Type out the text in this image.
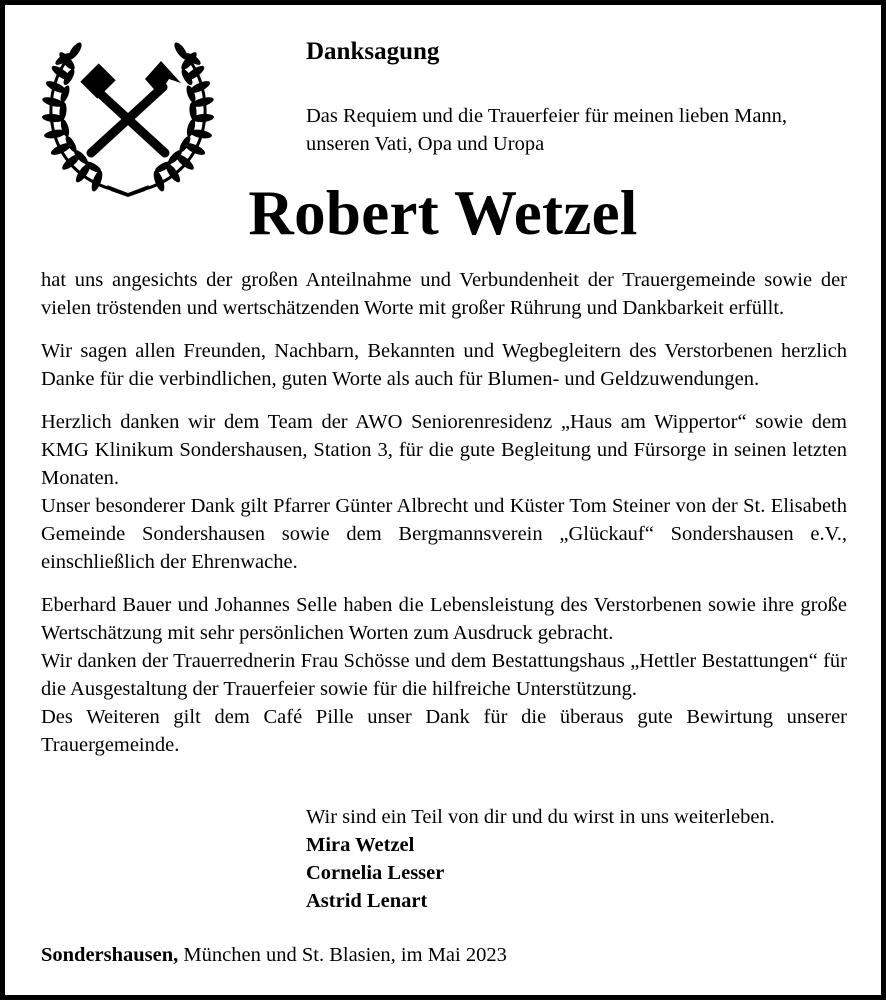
Danksagung
Das Requiem und die Trauerfeier für meinen lieben Mann,
unseren Vati, Opa und Uropa
Robert Wetzel

hat uns angesichts der großen Anteilnahme und Verbundenheit der Trauergemeinde sowie der vielen tröstenden und wertschätzenden Worte mit großer Rührung und Dankbarkeit erfüllt.

Wir sagen allen Freunden, Nachbarn, Bekannten und Wegbegleitern des Verstorbenen herzlich Danke für die verbindlichen, guten Worte als auch für Blumen- und Geldzuwendungen.

Herzlich danken wir dem Team der AWO Seniorenresidenz „Haus am Wippertor“ sowie dem KMG Klinikum Sondershausen, Station 3, für die gute Begleitung und Fürsorge in seinen letzten Monaten.

Unser besonderer Dank gilt Pfarrer Günter Albrecht und Küster Tom Steiner von der St. Elisabeth Gemeinde Sondershausen sowie dem Bergmannsverein „Glückauf“ Sondershausen e.V., einschließlich der Ehrenwache.

Eberhard Bauer und Johannes Selle haben die Lebensleistung des Verstorbenen sowie ihre große Wertschätzung mit sehr persönlichen Worten zum Ausdruck gebracht.

Wir danken der Trauerrednerin Frau Schösse und dem Bestattungshaus „Hettler Bestattungen“ für die Ausgestaltung der Trauerfeier sowie für die hilfreiche Unterstützung.

Des Weiteren gilt dem Café Pille unser Dank für die überaus gute Bewirtung unserer Trauergemeinde.

Wir sind ein Teil von dir und du wirst in uns weiterleben.
Mira Wetzel
Cornelia Lesser
Astrid Lenart
Sondershausen, München und St. Blasien, im Mai 2023
